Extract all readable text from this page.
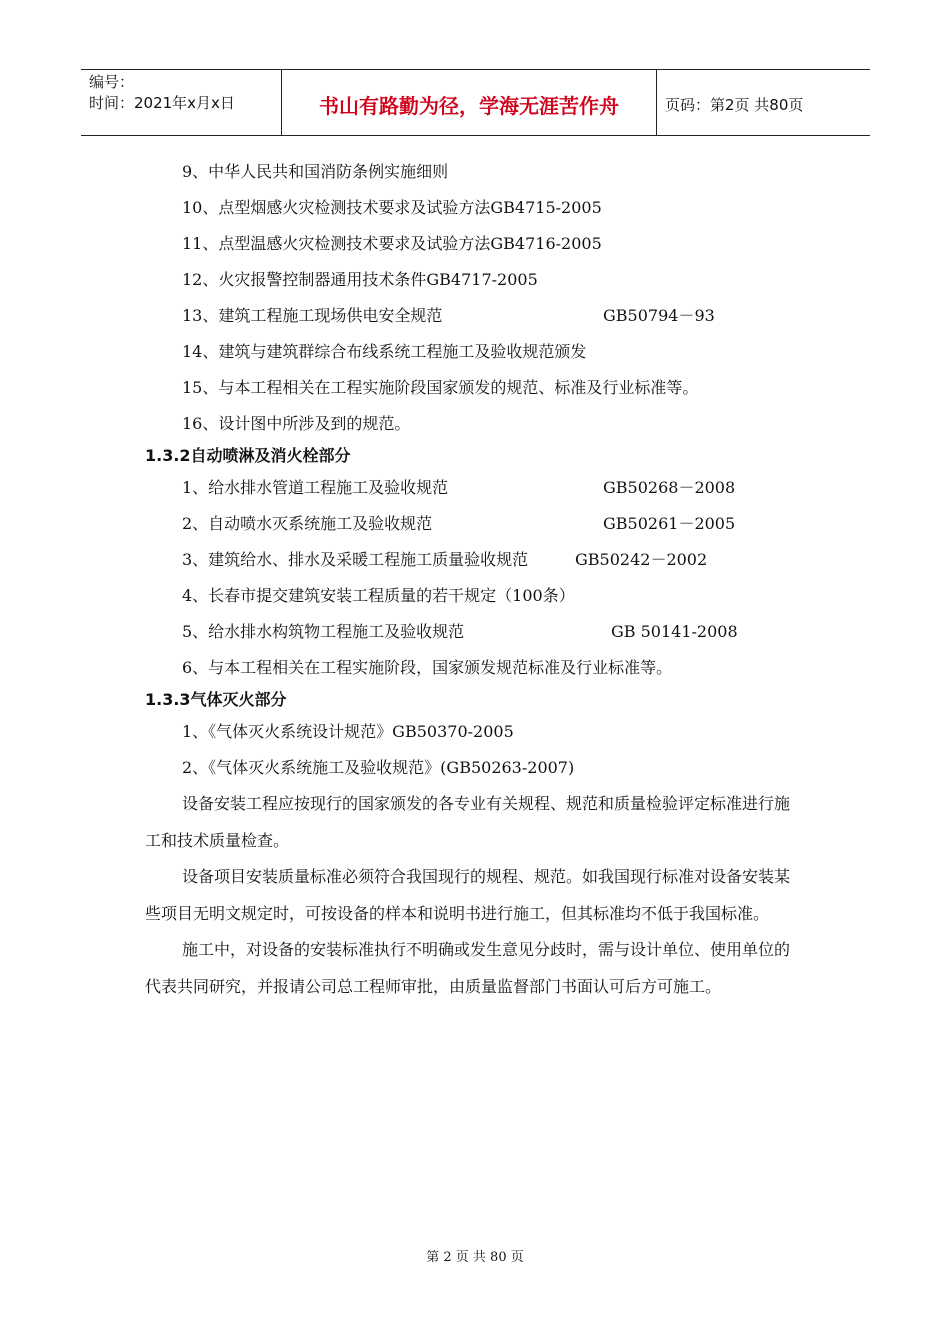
编号：
时间：2021年x月x日	书山有路勤为径，学海无涯苦作舟	页码：第2页 共80页
9、中华人民共和国消防条例实施细则
10、点型烟感火灾检测技术要求及试验方法GB4715-2005
11、点型温感火灾检测技术要求及试验方法GB4716-2005
12、火灾报警控制器通用技术条件GB4717-2005
13、建筑工程施工现场供电安全规范	GB50794－93
14、建筑与建筑群综合布线系统工程施工及验收规范颁发
15、与本工程相关在工程实施阶段国家颁发的规范、标准及行业标准等。
16、设计图中所涉及到的规范。
1.3.2自动喷淋及消火栓部分
1、给水排水管道工程施工及验收规范	GB50268－2008
2、自动喷水灭系统施工及验收规范	GB50261－2005
3、建筑给水、排水及采暖工程施工质量验收规范	GB50242－2002
4、长春市提交建筑安装工程质量的若干规定（100条）
5、给水排水构筑物工程施工及验收规范	GB 50141-2008
6、与本工程相关在工程实施阶段，国家颁发规范标准及行业标准等。
1.3.3气体灭火部分
1、《气体灭火系统设计规范》GB50370-2005
2、《气体灭火系统施工及验收规范》(GB50263-2007)

设备安装工程应按现行的国家颁发的各专业有关规程、规范和质量检验评定标准进行施工和技术质量检查。

设备项目安装质量标准必须符合我国现行的规程、规范。如我国现行标准对设备安装某些项目无明文规定时，可按设备的样本和说明书进行施工，但其标准均不低于我国标准。

施工中，对设备的安装标准执行不明确或发生意见分歧时，需与设计单位、使用单位的代表共同研究，并报请公司总工程师审批，由质量监督部门书面认可后方可施工。

第 2 页 共 80 页
